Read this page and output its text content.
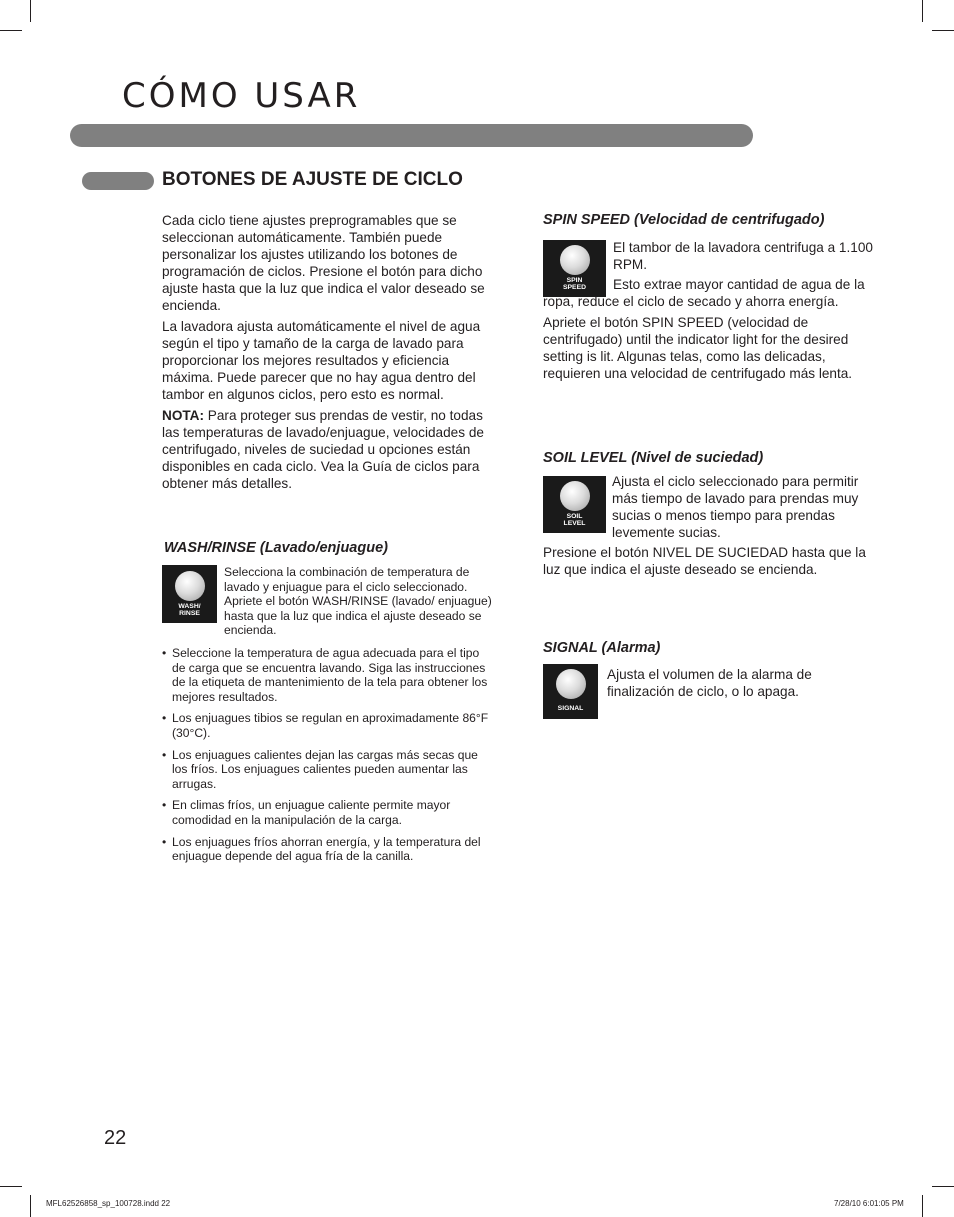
CÓMO USAR
BOTONES DE AJUSTE DE CICLO

Cada ciclo tiene ajustes preprogramables que se seleccionan automáticamente. También puede personalizar los ajustes utilizando los botones de programación de ciclos. Presione el botón para dicho ajuste hasta que la luz que indica el valor deseado se encienda.

La lavadora ajusta automáticamente el nivel de agua según el tipo y tamaño de la carga de lavado para proporcionar los mejores resultados y eficiencia máxima. Puede parecer que no hay agua dentro del tambor en algunos ciclos, pero esto es normal.

NOTA: Para proteger sus prendas de vestir, no todas las temperaturas de lavado/enjuague, velocidades de centrifugado, niveles de suciedad u opciones están disponibles en cada ciclo. Vea la Guía de ciclos para obtener más detalles.

WASH/RINSE (Lavado/enjuague)
WASH/
RINSE
Selecciona la combinación de temperatura de lavado y enjuague para el ciclo seleccionado. Apriete el botón WASH/RINSE (lavado/ enjuague) hasta que la luz que indica el ajuste deseado se encienda.
• Seleccione la temperatura de agua adecuada para el tipo de carga que se encuentra lavando. Siga las instrucciones de la etiqueta de mantenimiento de la tela para obtener los mejores resultados.
• Los enjuagues tibios se regulan en aproximadamente 86°F (30°C).
• Los enjuagues calientes dejan las cargas más secas que los fríos. Los enjuagues calientes pueden aumentar las arrugas.
• En climas fríos, un enjuague caliente permite mayor comodidad en la manipulación de la carga.
• Los enjuagues fríos ahorran energía, y la temperatura del enjuague depende del agua fría de la canilla.
SPIN SPEED (Velocidad de centrifugado)
SPIN
SPEED

El tambor de la lavadora centrifuga a 1.100 RPM.

Esto extrae mayor cantidad de agua de la ropa, reduce el ciclo de secado y ahorra energía.

Apriete el botón SPIN SPEED (velocidad de centrifugado) until the indicator light for the desired setting is lit. Algunas telas, como las delicadas, requieren una velocidad de centrifugado más lenta.

SOIL LEVEL (Nivel de suciedad)
SOIL
LEVEL
Ajusta el ciclo seleccionado para permitir más tiempo de lavado para prendas muy sucias o menos tiempo para prendas levemente sucias.
Presione el botón NIVEL DE SUCIEDAD hasta que la luz que indica el ajuste deseado se encienda.
SIGNAL (Alarma)
SIGNAL
Ajusta el volumen de la alarma de finalización de ciclo, o lo apaga.
22
MFL62526858_sp_100728.indd 22	7/28/10 6:01:05 PM
